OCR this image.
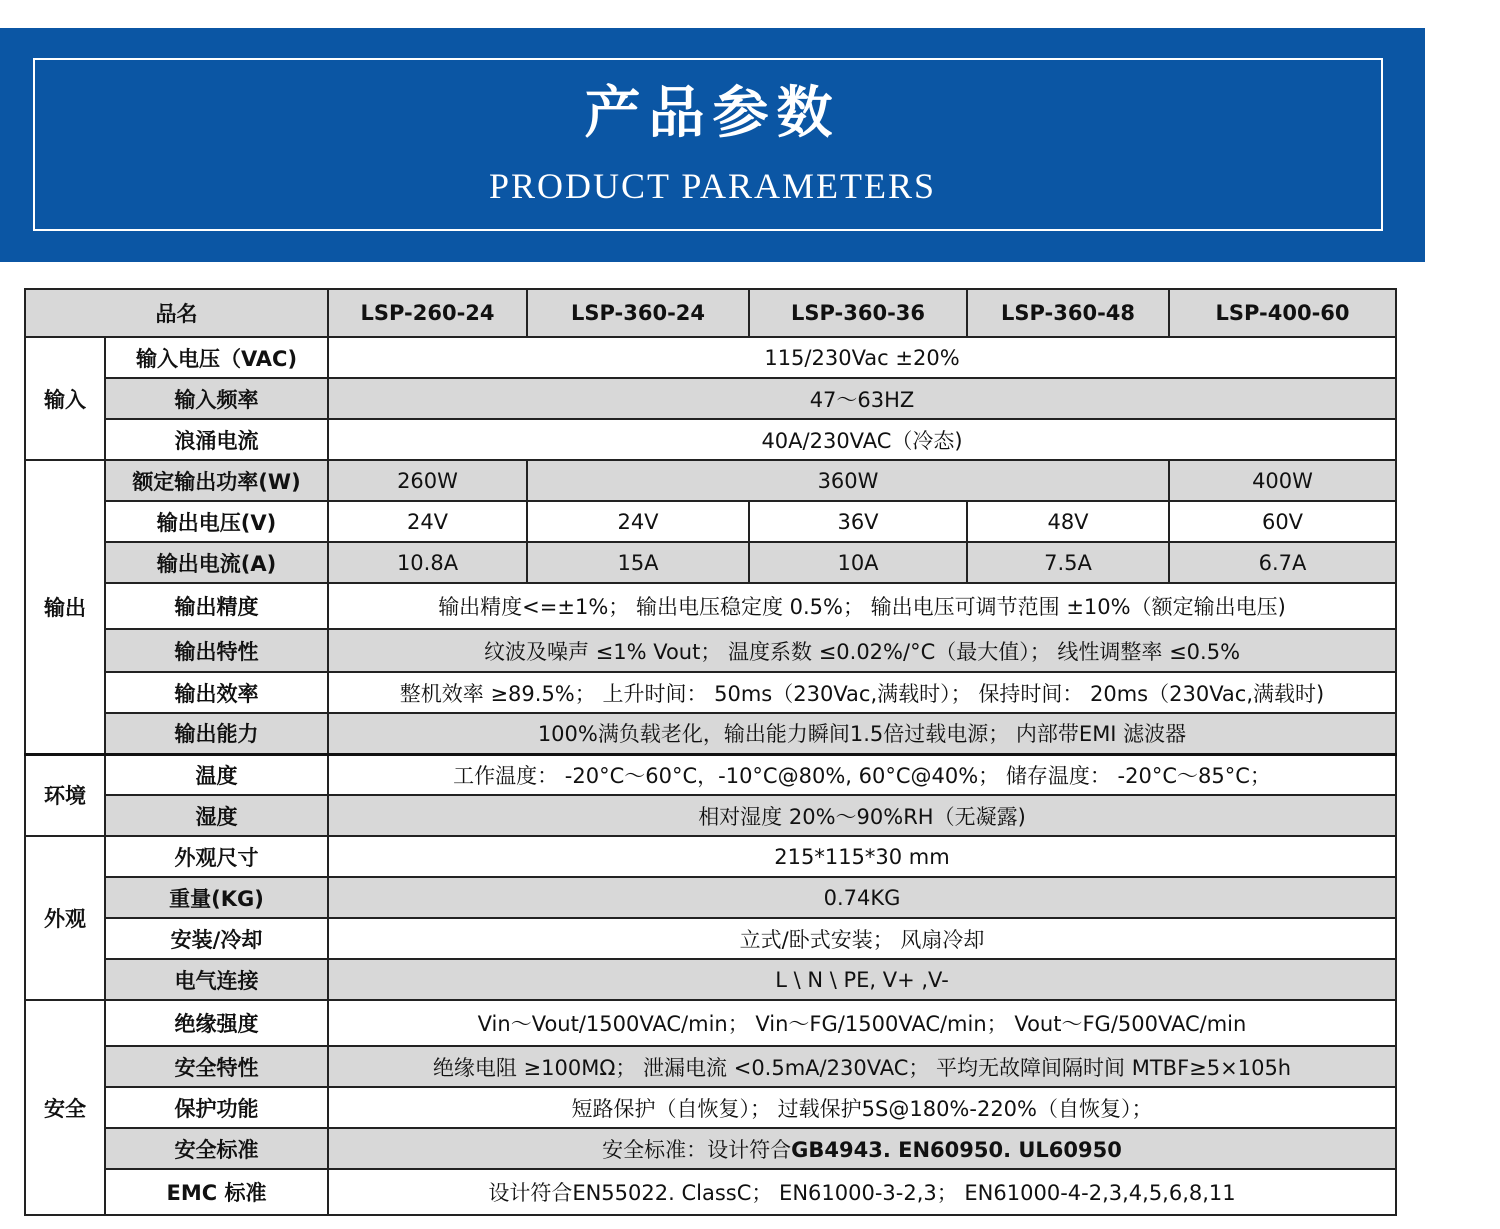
产品参数
PRODUCT PARAMETERS
品名		LSP-260-24	LSP-360-24	LSP-360-36	LSP-360-48	LSP-400-60
输入	输入电压（VAC)	115/230Vac ±20%				
	输入频率	47～63HZ				
	浪涌电流	40A/230VAC（冷态)				
输出	额定输出功率(W)	260W	360W			400W
	输出电压(V)	24V	24V	36V	48V	60V
	输出电流(A)	10.8A	15A	10A	7.5A	6.7A
	输出精度	输出精度<=±1%； 输出电压稳定度 0.5%； 输出电压可调节范围 ±10%（额定输出电压)				
	输出特性	纹波及噪声 ≤1% Vout； 温度系数 ≤0.02%/°C（最大值）； 线性调整率 ≤0.5%				
	输出效率	整机效率 ≥89.5%； 上升时间： 50ms（230Vac,满载时）； 保持时间： 20ms（230Vac,满载时)				
	输出能力	100%满负载老化，输出能力瞬间1.5倍过载电源； 内部带EMI 滤波器				
环境	温度	工作温度： -20°C～60°C，-10°C@80%, 60°C@40%； 储存温度： -20°C～85°C；				
	湿度	相对湿度 20%～90%RH（无凝露)				
外观	外观尺寸	215*115*30 mm				
	重量(KG)	0.74KG				
	安装/冷却	立式/卧式安装； 风扇冷却				
	电气连接	L \ N \ PE, V+ ,V-				
安全	绝缘强度	Vin～Vout/1500VAC/min； Vin～FG/1500VAC/min； Vout～FG/500VAC/min				
	安全特性	绝缘电阻 ≥100MΩ； 泄漏电流 <0.5mA/230VAC； 平均无故障间隔时间 MTBF≥5×105h				
	保护功能	短路保护（自恢复）； 过载保护5S@180%-220%（自恢复）；				
	安全标准	安全标准：设计符合GB4943. EN60950. UL60950				
	EMC 标准	设计符合EN55022. ClassC； EN61000-3-2,3； EN61000-4-2,3,4,5,6,8,11				
